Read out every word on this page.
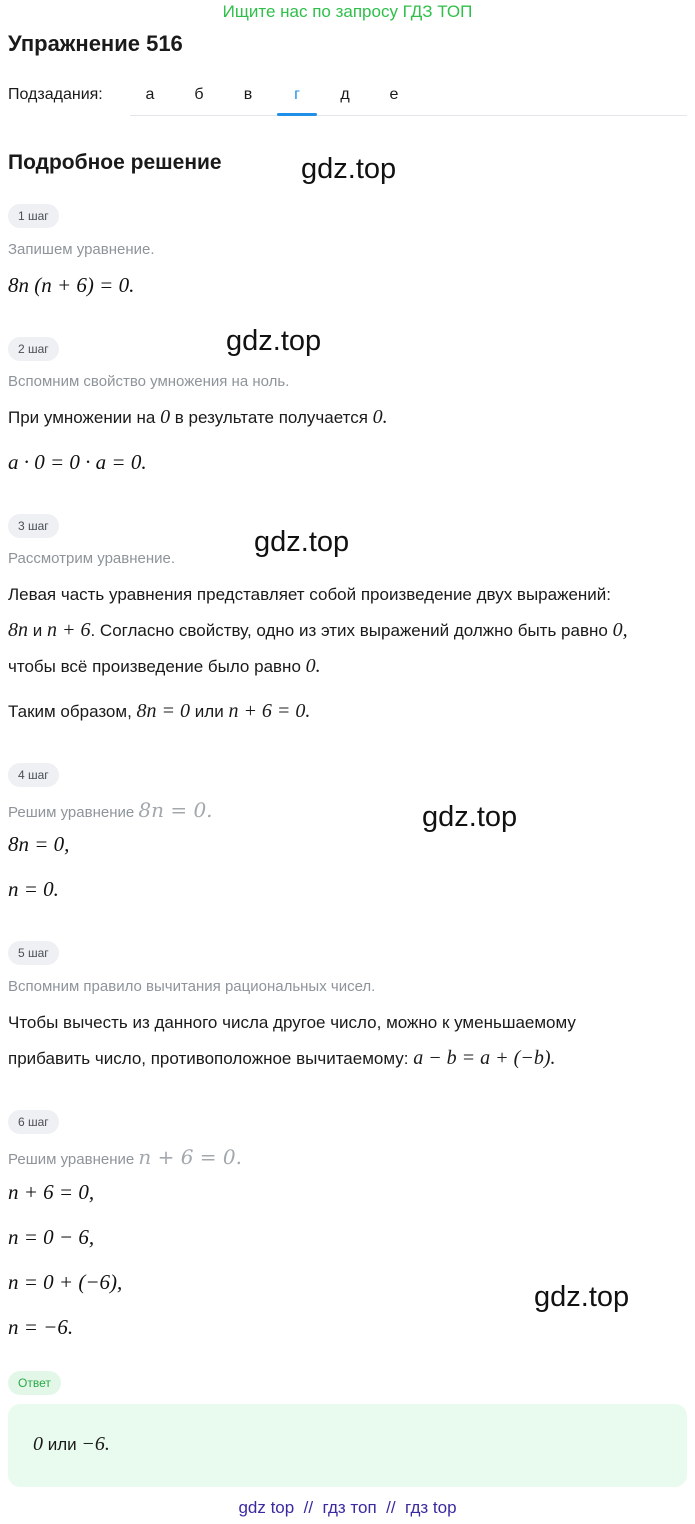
Ищите нас по запросу ГДЗ ТОП
Упражнение 516
Подзадания:	а	б	в	г	д	е
Подробное решение	gdz.top
gdz.top
gdz.top
gdz.top
gdz.top
1 шаг
Запишем уравнение.
8n (n + 6) = 0.
2 шаг
Вспомним свойство умножения на ноль.
При умножении на 0 в результате получается 0.
a · 0 = 0 · a = 0.
3 шаг
Рассмотрим уравнение.
Левая часть уравнения представляет собой произведение двух выражений:
8n и n + 6. Согласно свойству, одно из этих выражений должно быть равно 0,
чтобы всё произведение было равно 0.
Таким образом, 8n = 0 или n + 6 = 0.
4 шаг
Решим уравнение 8n = 0.
8n = 0,
n = 0.
5 шаг
Вспомним правило вычитания рациональных чисел.
Чтобы вычесть из данного числа другое число, можно к уменьшаемому
прибавить число, противоположное вычитаемому: a − b = a + (−b).
6 шаг
Решим уравнение n + 6 = 0.
n + 6 = 0,
n = 0 − 6,
n = 0 + (−6),
n = −6.
Ответ
0 или −6.
gdz top  //  гдз топ  //  гдз top
